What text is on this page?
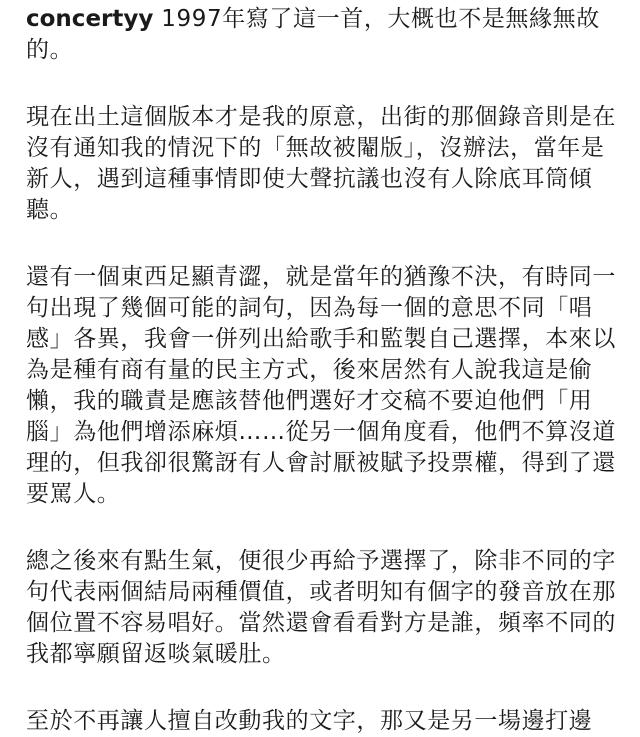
concertyy 1997年寫了這一首，大概也不是無緣無故的。

現在出土這個版本才是我的原意，出街的那個錄音則是在沒有通知我的情況下的「無故被閹版」，沒辦法，當年是新人，遇到這種事情即使大聲抗議也沒有人除底耳筒傾聽。

還有一個東西足顯青澀，就是當年的猶豫不決，有時同一句出現了幾個可能的詞句，因為每一個的意思不同「唱感」各異，我會一併列出給歌手和監製自己選擇，本來以為是種有商有量的民主方式，後來居然有人說我這是偷懶，我的職責是應該替他們選好才交稿不要迫他們「用腦」為他們增添麻煩……從另一個角度看，他們不算沒道理的，但我卻很驚訝有人會討厭被賦予投票權，得到了還要罵人。

總之後來有點生氣，便很少再給予選擇了，除非不同的字句代表兩個結局兩種價值，或者明知有個字的發音放在那個位置不容易唱好。當然還會看看對方是誰，頻率不同的我都寧願留返啖氣暖肚。

至於不再讓人擅自改動我的文字，那又是另一場邊打邊
